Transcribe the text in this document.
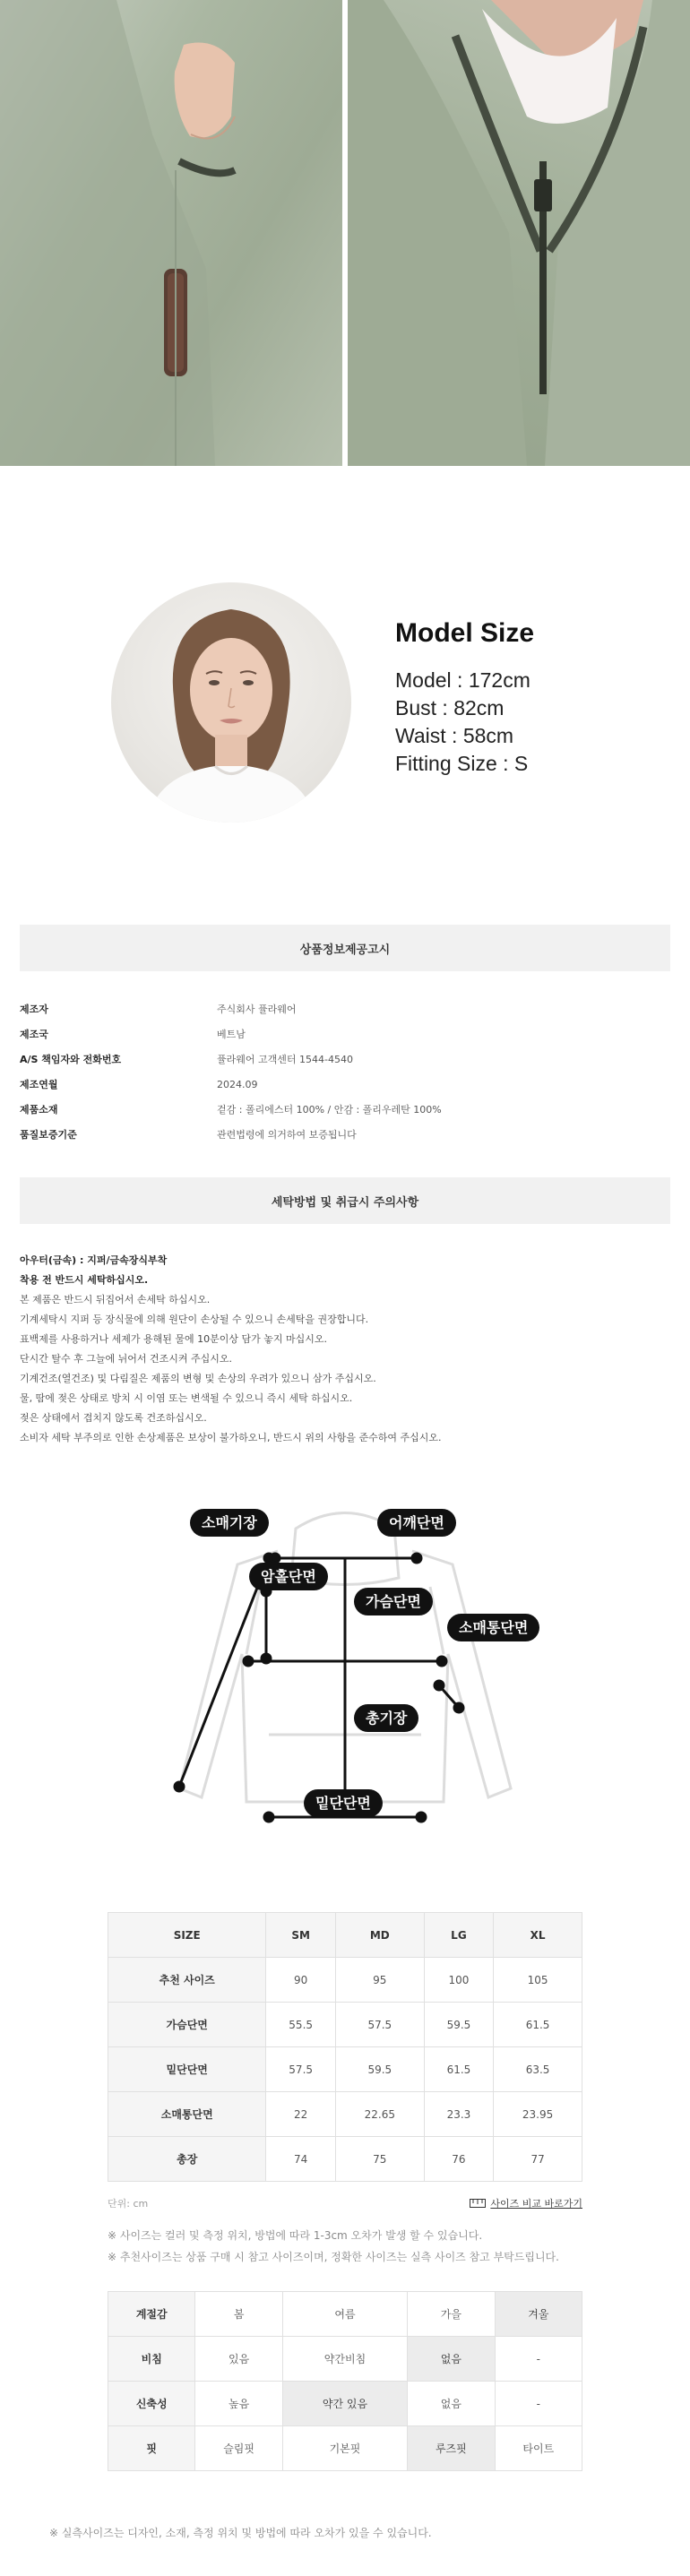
Model Size
Model : 172cm
Bust : 82cm
Waist : 58cm
Fitting Size : S
상품정보제공고시
제조자	주식회사 퓰라웨어
제조국	베트남
A/S 책임자와 전화번호	퓰라웨어 고객센터 1544-4540
제조연월	2024.09
제품소재	겉감 : 폴리에스터 100% / 안감 : 폴리우레탄 100%
품질보증기준	관련법령에 의거하여 보증됩니다
세탁방법 및 취급시 주의사항
아우터(금속) : 지퍼/금속장식부착
착용 전 반드시 세탁하십시오.
본 제품은 반드시 뒤집어서 손세탁 하십시오.
기계세탁시 지퍼 등 장식물에 의해 원단이 손상될 수 있으니 손세탁을 권장합니다.
표백제를 사용하거나 세제가 용해된 물에 10분이상 담가 놓지 마십시오.
단시간 탈수 후 그늘에 뉘어서 건조시켜 주십시오.
기계건조(열건조) 및 다림질은 제품의 변형 및 손상의 우려가 있으니 삼가 주십시오.
물, 땀에 젖은 상태로 방치 시 이염 또는 변색될 수 있으니 즉시 세탁 하십시오.
젖은 상태에서 겹치지 않도록 건조하십시오.
소비자 세탁 부주의로 인한 손상제품은 보상이 불가하오니, 반드시 위의 사항을 준수하여 주십시오.
소매기장	어깨단면
암홀단면
가슴단면
소매통단면
총기장
밑단단면
SIZE	SM	MD	LG	XL
추천 사이즈	90	95	100	105
가슴단면	55.5	57.5	59.5	61.5
밑단단면	57.5	59.5	61.5	63.5
소매통단면	22	22.65	23.3	23.95
총장	74	75	76	77
단위: cm	사이즈 비교 바로가기
※ 사이즈는 컬러 및 측정 위치, 방법에 따라 1-3cm 오차가 발생 할 수 있습니다.
※ 추천사이즈는 상품 구매 시 참고 사이즈이며, 정확한 사이즈는 실측 사이즈 참고 부탁드립니다.
계절감	봄	여름	가을	겨울
비침	있음	약간비침	없음	-
신축성	높음	약간 있음	없음	-
핏	슬림핏	기본핏	루즈핏	타이트
※ 실측사이즈는 디자인, 소재, 측정 위치 및 방법에 따라 오차가 있을 수 있습니다.
